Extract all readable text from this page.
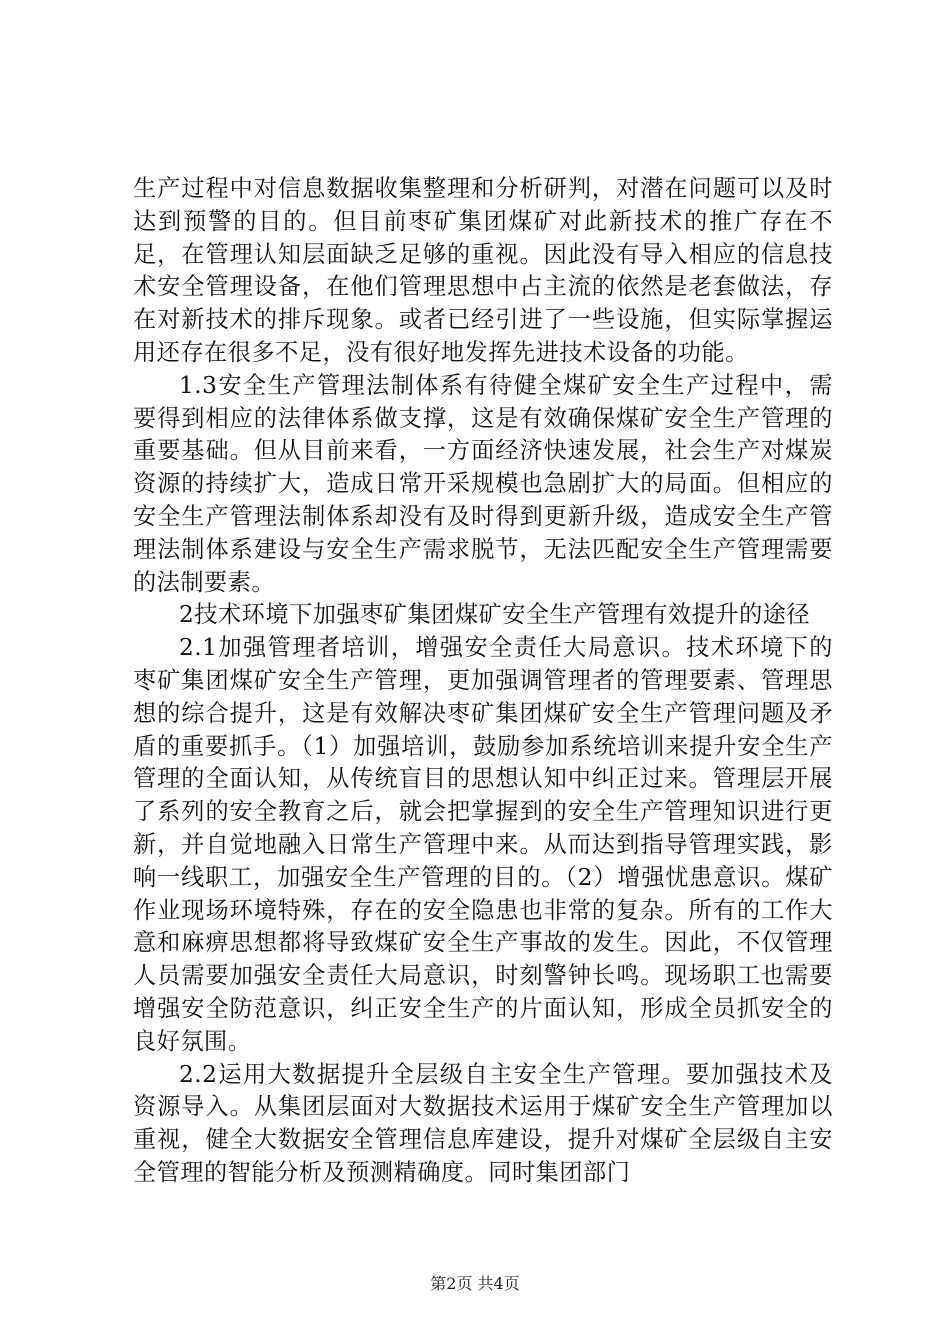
生产过程中对信息数据收集整理和分析研判，对潜在问题可以及时达到预警的目的。但目前枣矿集团煤矿对此新技术的推广存在不足，在管理认知层面缺乏足够的重视。因此没有导入相应的信息技术安全管理设备，在他们管理思想中占主流的依然是老套做法，存在对新技术的排斥现象。或者已经引进了一些设施，但实际掌握运用还存在很多不足，没有很好地发挥先进技术设备的功能。

1.3安全生产管理法制体系有待健全煤矿安全生产过程中，需要得到相应的法律体系做支撑，这是有效确保煤矿安全生产管理的重要基础。但从目前来看，一方面经济快速发展，社会生产对煤炭资源的持续扩大，造成日常开采规模也急剧扩大的局面。但相应的安全生产管理法制体系却没有及时得到更新升级，造成安全生产管理法制体系建设与安全生产需求脱节，无法匹配安全生产管理需要的法制要素。

2技术环境下加强枣矿集团煤矿安全生产管理有效提升的途径

2.1加强管理者培训，增强安全责任大局意识。技术环境下的枣矿集团煤矿安全生产管理，更加强调管理者的管理要素、管理思想的综合提升，这是有效解决枣矿集团煤矿安全生产管理问题及矛盾的重要抓手。（1）加强培训，鼓励参加系统培训来提升安全生产管理的全面认知，从传统盲目的思想认知中纠正过来。管理层开展了系列的安全教育之后，就会把掌握到的安全生产管理知识进行更新，并自觉地融入日常生产管理中来。从而达到指导管理实践，影响一线职工，加强安全生产管理的目的。（2）增强忧患意识。煤矿作业现场环境特殊，存在的安全隐患也非常的复杂。所有的工作大意和麻痹思想都将导致煤矿安全生产事故的发生。因此，不仅管理人员需要加强安全责任大局意识，时刻警钟长鸣。现场职工也需要增强安全防范意识，纠正安全生产的片面认知，形成全员抓安全的良好氛围。

2.2运用大数据提升全层级自主安全生产管理。要加强技术及资源导入。从集团层面对大数据技术运用于煤矿安全生产管理加以重视，健全大数据安全管理信息库建设，提升对煤矿全层级自主安全管理的智能分析及预测精确度。同时集团部门

第2页 共4页
